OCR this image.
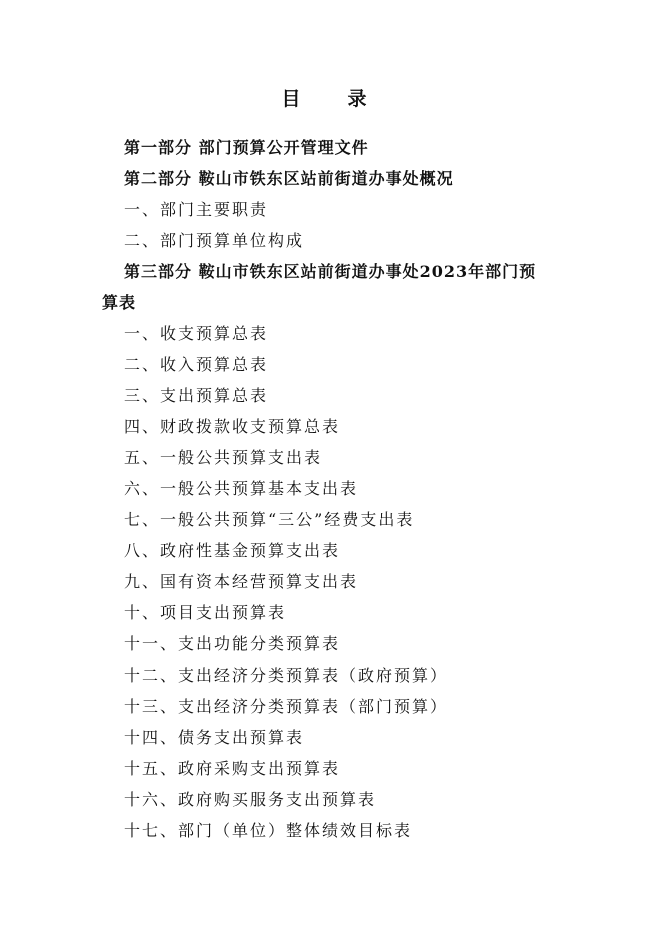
目　录
第一部分 部门预算公开管理文件
第二部分 鞍山市铁东区站前街道办事处概况
一、部门主要职责
二、部门预算单位构成
第三部分 鞍山市铁东区站前街道办事处2023年部门预
算表
一、收支预算总表
二、收入预算总表
三、支出预算总表
四、财政拨款收支预算总表
五、一般公共预算支出表
六、一般公共预算基本支出表
七、一般公共预算“三公”经费支出表
八、政府性基金预算支出表
九、国有资本经营预算支出表
十、项目支出预算表
十一、支出功能分类预算表
十二、支出经济分类预算表（政府预算）
十三、支出经济分类预算表（部门预算）
十四、债务支出预算表
十五、政府采购支出预算表
十六、政府购买服务支出预算表
十七、部门（单位）整体绩效目标表
